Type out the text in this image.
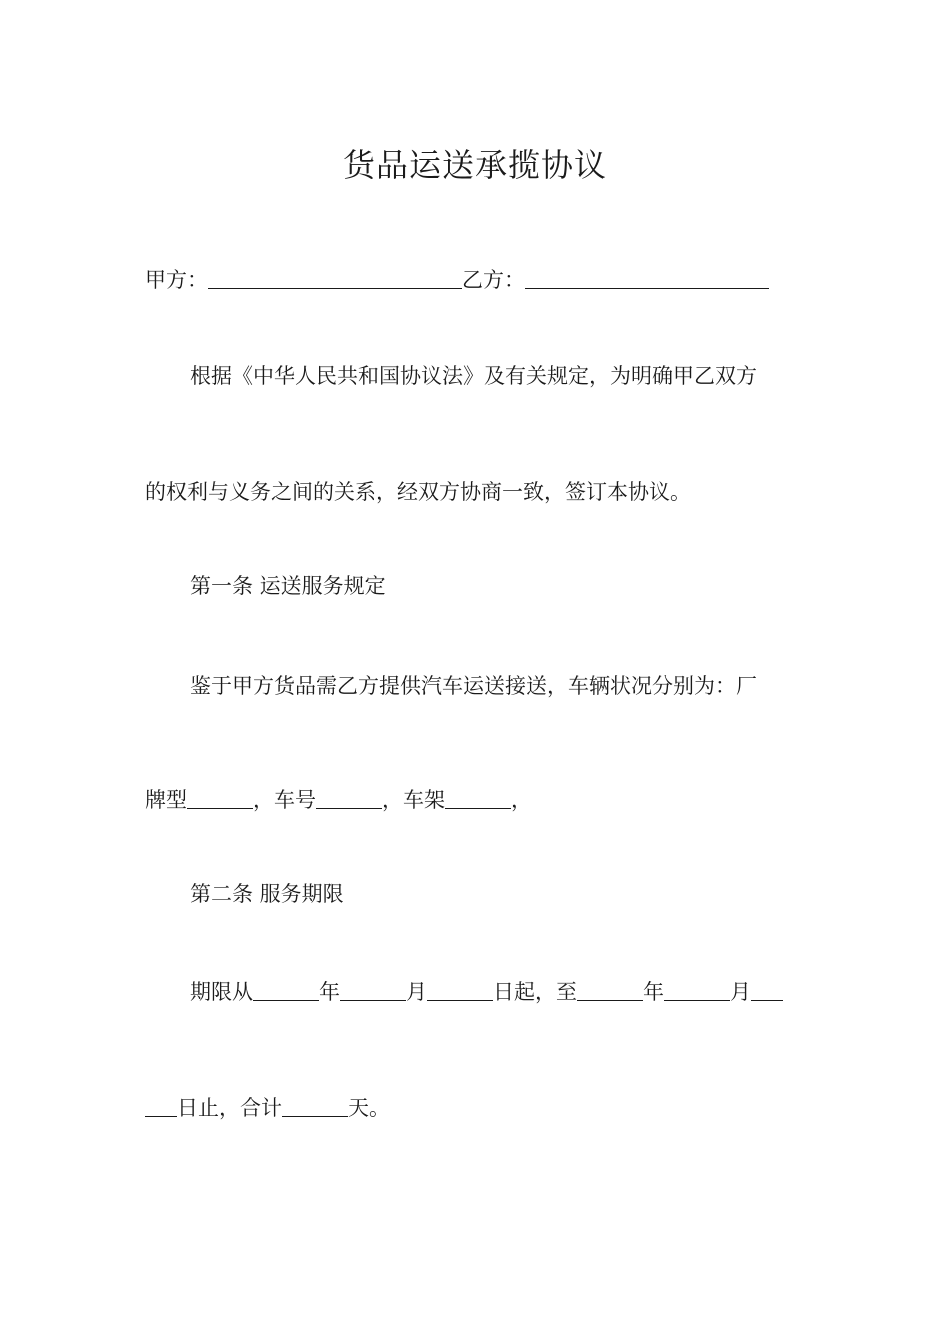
货品运送承揽协议
甲方：	乙方：
根据《中华人民共和国协议法》及有关规定，为明确甲乙双方
的权利与义务之间的关系，经双方协商一致，签订本协议。
第一条 运送服务规定
鉴于甲方货品需乙方提供汽车运送接送，车辆状况分别为：厂
牌型	，车号	，车架	，
第二条 服务期限
期限从	年	月	日起，至	年	月
日止，合计	天。
